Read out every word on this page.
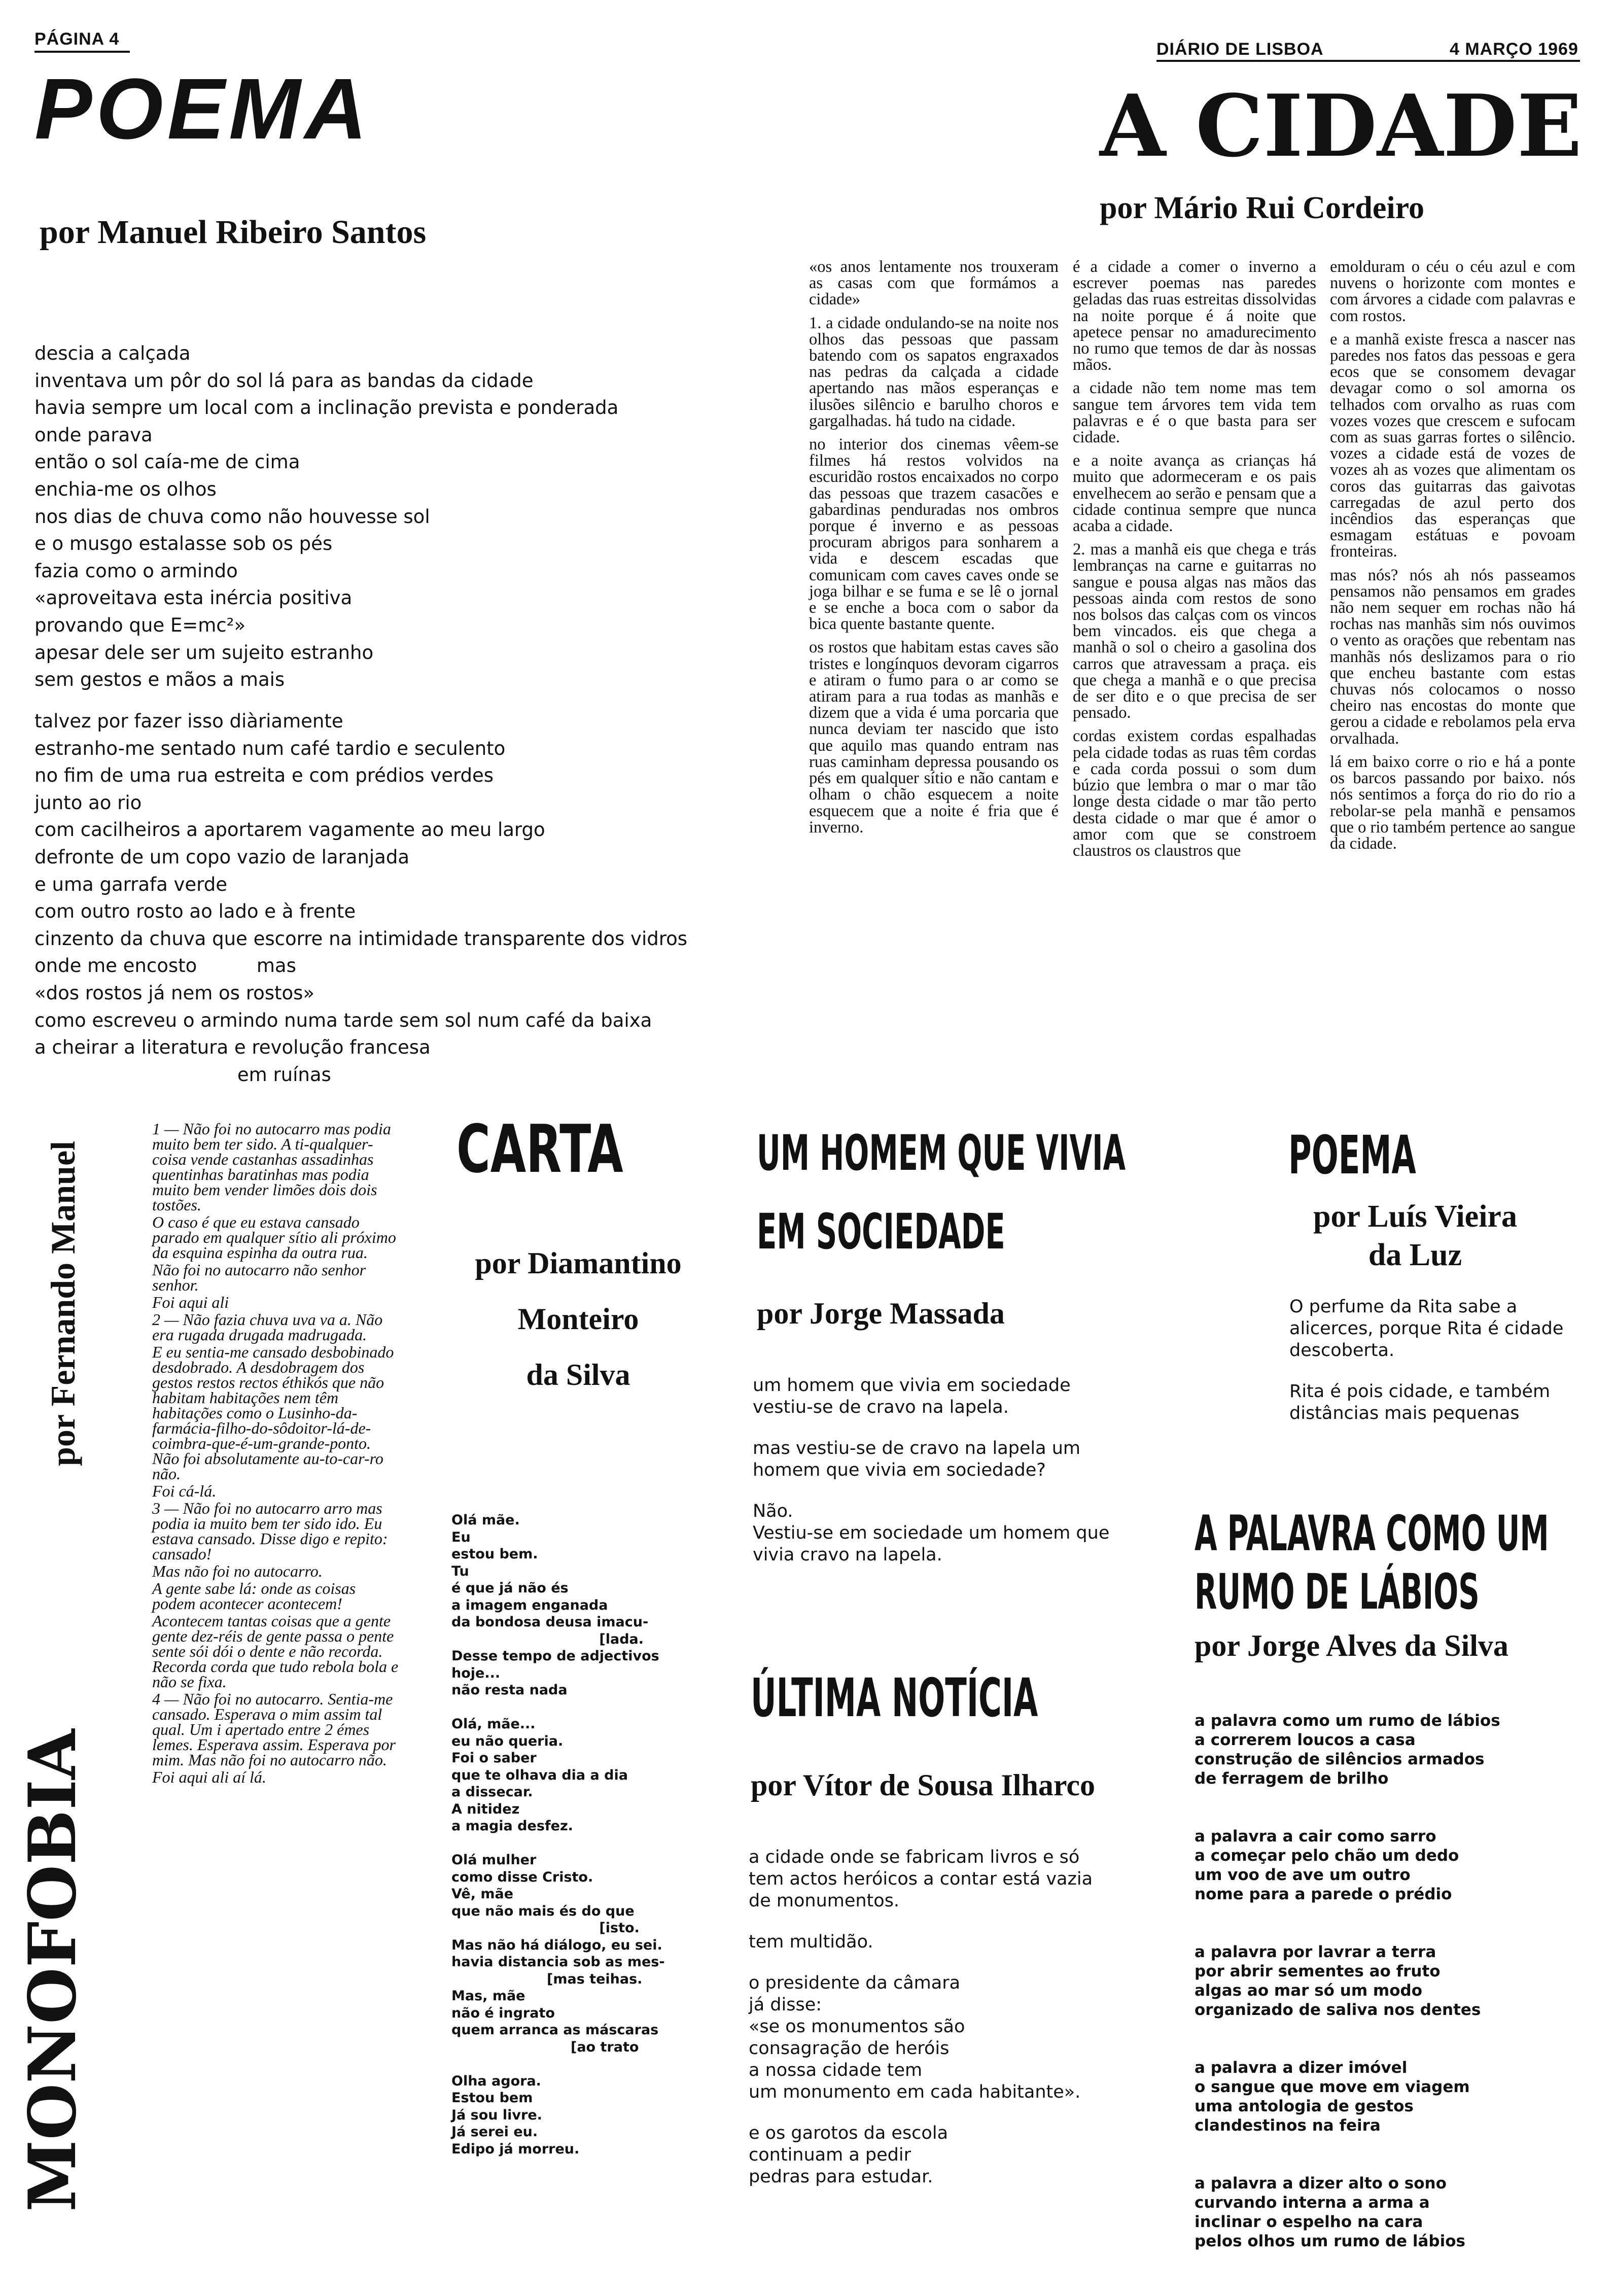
PÁGINA 4
DIÁRIO DE LISBOA	4 MARÇO 1969
POEMA
por Manuel Ribeiro Santos
descia a calçada
inventava um pôr do sol lá para as bandas da cidade
havia sempre um local com a inclinação prevista e ponderada
onde parava
então o sol caía-me de cima
enchia-me os olhos
nos dias de chuva como não houvesse sol
e o musgo estalasse sob os pés
fazia como o armindo
«aproveitava esta inércia positiva
provando que E=mc²»
apesar dele ser um sujeito estranho
sem gestos e mãos a mais
talvez por fazer isso diàriamente
estranho-me sentado num café tardio e seculento
no fim de uma rua estreita e com prédios verdes
junto ao rio
com cacilheiros a aportarem vagamente ao meu largo
defronte de um copo vazio de laranjada
e uma garrafa verde
com outro rosto ao lado e à frente
cinzento da chuva que escorre na intimidade transparente dos vidros
onde me encosto          mas
«dos rostos já nem os rostos»
como escreveu o armindo numa tarde sem sol num café da baixa
a cheirar a literatura e revolução francesa
em ruínas
A CIDADE
por Mário Rui Cordeiro

«os anos lentamente nos trouxeram as casas com que formámos a cidade»

1. a cidade ondulando-se na noite nos olhos das pessoas que passam batendo com os sapatos engraxados nas pedras da calçada a cidade apertando nas mãos esperanças e ilusões silêncio e barulho choros e gargalhadas. há tudo na cidade.

no interior dos cinemas vêem-se filmes há restos volvidos na escuridão rostos encaixados no corpo das pessoas que trazem casacões e gabardinas penduradas nos ombros porque é inverno e as pessoas procuram abrigos para sonharem a vida e descem escadas que comunicam com caves caves onde se joga bilhar e se fuma e se lê o jornal e se enche a boca com o sabor da bica quente bastante quente.

os rostos que habitam estas caves são tristes e longínquos devoram cigarros e atiram o fumo para o ar como se atiram para a rua todas as manhãs e dizem que a vida é uma porcaria que nunca deviam ter nascido que isto que aquilo mas quando entram nas ruas caminham depressa pousando os pés em qualquer sítio e não cantam e olham o chão esquecem a noite esquecem que a noite é fria que é inverno.

é a cidade a comer o inverno a escrever poemas nas paredes geladas das ruas estreitas dissolvidas na noite porque é á noite que apetece pensar no amadurecimento no rumo que temos de dar às nossas mãos.

a cidade não tem nome mas tem sangue tem árvores tem vida tem palavras e é o que basta para ser cidade.

e a noite avança as crianças há muito que adormeceram e os pais envelhecem ao serão e pensam que a cidade continua sempre que nunca acaba a cidade.

2. mas a manhã eis que chega e trás lembranças na carne e guitarras no sangue e pousa algas nas mãos das pessoas ainda com restos de sono nos bolsos das calças com os vincos bem vincados. eis que chega a manhã o sol o cheiro a gasolina dos carros que atravessam a praça. eis que chega a manhã e o que precisa de ser dito e o que precisa de ser pensado.

cordas existem cordas espalhadas pela cidade todas as ruas têm cordas e cada corda possui o som dum búzio que lembra o mar o mar tão longe desta cidade o mar tão perto desta cidade o mar que é amor o amor com que se constroem claustros os claustros que

emolduram o céu o céu azul e com nuvens o horizonte com montes e com árvores a cidade com palavras e com rostos.

e a manhã existe fresca a nascer nas paredes nos fatos das pessoas e gera ecos que se consomem devagar devagar como o sol amorna os telhados com orvalho as ruas com vozes vozes que crescem e sufocam com as suas garras fortes o silêncio. vozes a cidade está de vozes de vozes ah as vozes que alimentam os coros das guitarras das gaivotas carregadas de azul perto dos incêndios das esperanças que esmagam estátuas e povoam fronteiras.

mas nós? nós ah nós passeamos pensamos não pensamos em grades não nem sequer em rochas não há rochas nas manhãs sim nós ouvimos o vento as orações que rebentam nas manhãs nós deslizamos para o rio que encheu bastante com estas chuvas nós colocamos o nosso cheiro nas encostas do monte que gerou a cidade e rebolamos pela erva orvalhada.

lá em baixo corre o rio e há a ponte os barcos passando por baixo. nós nós sentimos a força do rio do rio a rebolar-se pela manhã e pensamos que o rio também pertence ao sangue da cidade.

MONOFOBIA
por Fernando Manuel

1 — Não foi no autocarro mas podia muito bem ter sido. A ti-qualquer-coisa vende castanhas assadinhas quentinhas baratinhas mas podia muito bem vender limões dois dois tostões.

O caso é que eu estava cansado parado em qualquer sítio ali próximo da esquina espinha da outra rua.

Não foi no autocarro não senhor senhor.

Foi aqui ali

2 — Não fazia chuva uva va a. Não era rugada drugada madrugada.

E eu sentia-me cansado desbobinado desdobrado. A desdobragem dos gestos restos rectos éthikós que não habitam habitações nem têm habitações como o Lusinho-da-farmácia-filho-do-sôdoitor-lá-de-coimbra-que-é-um-grande-ponto. Não foi absolutamente au-to-car-ro não.

Foi cá-lá.

3 — Não foi no autocarro arro mas podia ia muito bem ter sido ido. Eu estava cansado. Disse digo e repito: cansado!

Mas não foi no autocarro.

A gente sabe lá: onde as coisas podem acontecer acontecem!

Acontecem tantas coisas que a gente gente dez-réis de gente passa o pente sente sói dói o dente e não recorda. Recorda corda que tudo rebola bola e não se fixa.

4 — Não foi no autocarro. Sentia-me cansado. Esperava o mim assim tal qual. Um i apertado entre 2 émes lemes. Esperava assim. Esperava por mim. Mas não foi no autocarro não.

Foi aqui ali aí lá.

CARTA
por Diamantino
Monteiro
da Silva
Olá mãe.
Eu
estou bem.
Tu
é que já não és
a imagem enganada
da bondosa deusa imacu-
[lada.
Desse tempo de adjectivos
hoje...
não resta nada

Olá, mãe...
eu não queria.
Foi o saber
que te olhava dia a dia
a dissecar.
A nitidez
a magia desfez.

Olá mulher
como disse Cristo.
Vê, mãe
que não mais és do que
[isto.
Mas não há diálogo, eu sei.
havia distancia sob as mes-
[mas teihas.
Mas, mãe
não é ingrato
quem arranca as máscaras
[ao trato

Olha agora.
Estou bem
Já sou livre.
Já serei eu.
Edipo já morreu.
UM HOMEM QUE VIVIA
EM SOCIEDADE
por Jorge Massada

um homem que vivia em sociedade vestiu-se de cravo na lapela.

mas vestiu-se de cravo na lapela um homem que vivia em sociedade?

Não.
Vestiu-se em sociedade um homem que vivia cravo na lapela.

ÚLTIMA NOTÍCIA
por Vítor de Sousa Ilharco

a cidade onde se fabricam livros e só tem actos heróicos a contar está vazia de monumentos.

tem multidão.

o presidente da câmara
já disse:
«se os monumentos são
consagração de heróis
a nossa cidade tem
um monumento em cada habitante».

e os garotos da escola
continuam a pedir
pedras para estudar.

POEMA
por Luís Vieira
da Luz

O perfume da Rita sabe a alicerces, porque Rita é cidade descoberta.

Rita é pois cidade, e também distâncias mais pequenas

A PALAVRA COMO UM
RUMO DE LÁBIOS
por Jorge Alves da Silva

a palavra como um rumo de lábios
a correrem loucos a casa
construção de silêncios armados
de ferragem de brilho

a palavra a cair como sarro
a começar pelo chão um dedo
um voo de ave um outro
nome para a parede o prédio

a palavra por lavrar a terra
por abrir sementes ao fruto
algas ao mar só um modo
organizado de saliva nos dentes

a palavra a dizer imóvel
o sangue que move em viagem
uma antologia de gestos
clandestinos na feira

a palavra a dizer alto o sono
curvando interna a arma a
inclinar o espelho na cara
pelos olhos um rumo de lábios
